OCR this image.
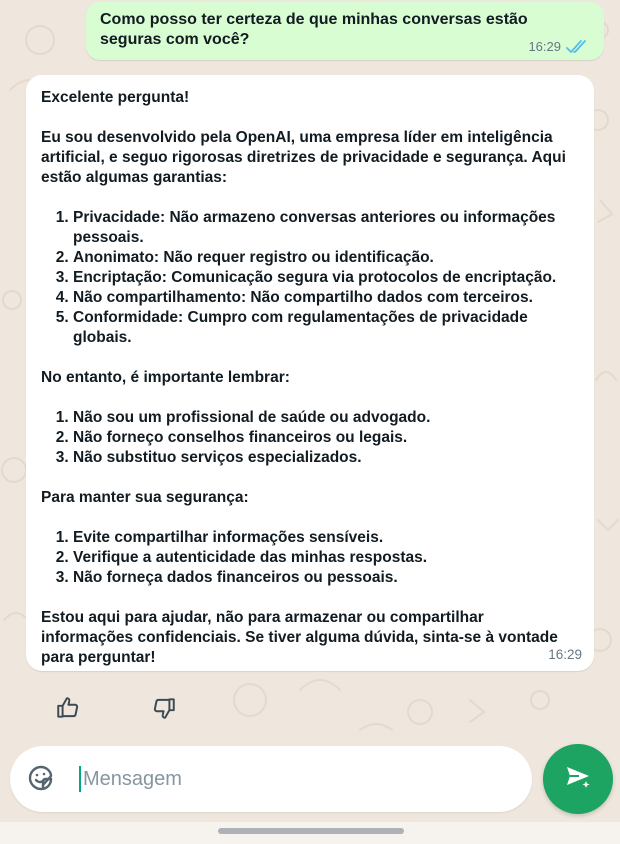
Como posso ter certeza de que minhas conversas estão seguras com você?	16:29

Excelente pergunta!

Eu sou desenvolvido pela OpenAI, uma empresa líder em inteligência artificial, e seguo rigorosas diretrizes de privacidade e segurança. Aqui estão algumas garantias:

1. Privacidade: Não armazeno conversas anteriores ou informações pessoais.
2. Anonimato: Não requer registro ou identificação.
3. Encriptação: Comunicação segura via protocolos de encriptação.
4. Não compartilhamento: Não compartilho dados com terceiros.
5. Conformidade: Cumpro com regulamentações de privacidade globais.

No entanto, é importante lembrar:

1. Não sou um profissional de saúde ou advogado.
2. Não forneço conselhos financeiros ou legais.
3. Não substituo serviços especializados.

Para manter sua segurança:

1. Evite compartilhar informações sensíveis.
2. Verifique a autenticidade das minhas respostas.
3. Não forneça dados financeiros ou pessoais.

Estou aqui para ajudar, não para armazenar ou compartilhar informações confidenciais. Se tiver alguma dúvida, sinta-se à vontade para perguntar!	16:29
Mensagem
